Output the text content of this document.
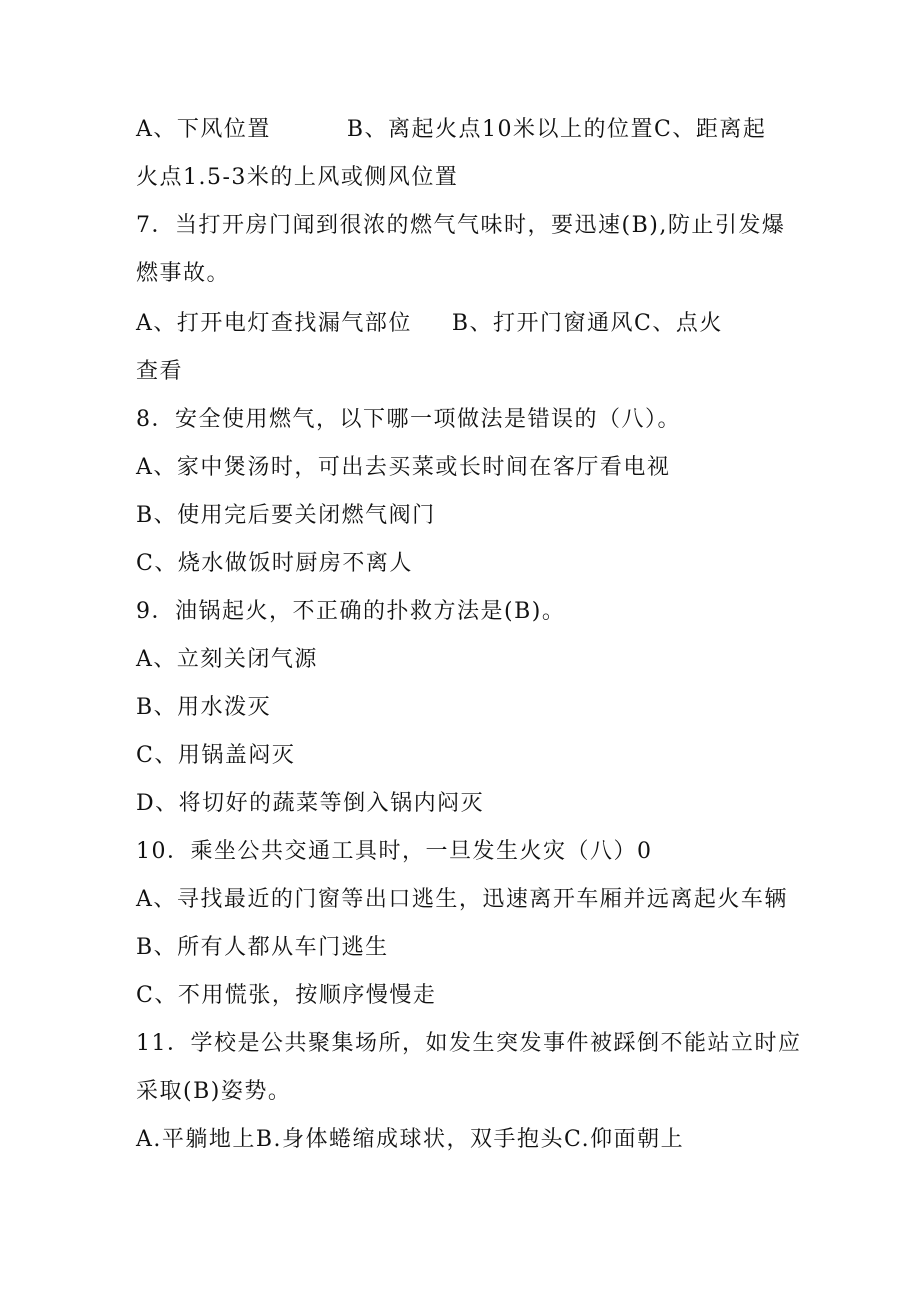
A、下风位置	B、离起火点10米以上的位置C、距离起
火点1.5-3米的上风或侧风位置
7．当打开房门闻到很浓的燃气气味时，要迅速(B),防止引发爆
燃事故。
A、打开电灯查找漏气部位 B、打开门窗通风C、点火
查看
8．安全使用燃气，以下哪一项做法是错误的（八）。
A、家中煲汤时，可出去买菜或长时间在客厅看电视
B、使用完后要关闭燃气阀门
C、烧水做饭时厨房不离人
9．油锅起火，不正确的扑救方法是(B)。
A、立刻关闭气源
B、用水泼灭
C、用锅盖闷灭
D、将切好的蔬菜等倒入锅内闷灭
10．乘坐公共交通工具时，一旦发生火灾（八）0
A、寻找最近的门窗等出口逃生，迅速离开车厢并远离起火车辆
B、所有人都从车门逃生
C、不用慌张，按顺序慢慢走
11．学校是公共聚集场所，如发生突发事件被踩倒不能站立时应
采取(B)姿势。
A.平躺地上B.身体蜷缩成球状，双手抱头C.仰面朝上
